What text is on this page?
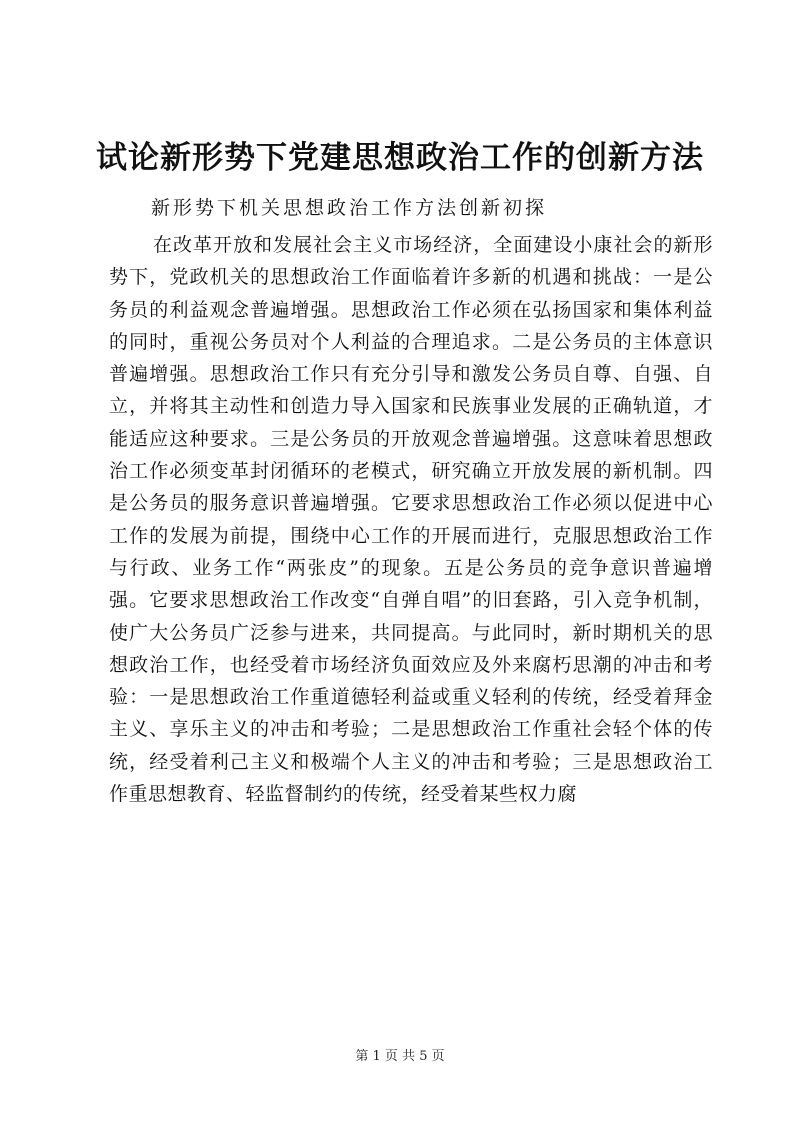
试论新形势下党建思想政治工作的创新方法

新形势下机关思想政治工作方法创新初探

在改革开放和发展社会主义市场经济，全面建设小康社会的新形势下，党政机关的思想政治工作面临着许多新的机遇和挑战：一是公务员的利益观念普遍增强。思想政治工作必须在弘扬国家和集体利益的同时，重视公务员对个人利益的合理追求。二是公务员的主体意识普遍增强。思想政治工作只有充分引导和激发公务员自尊、自强、自立，并将其主动性和创造力导入国家和民族事业发展的正确轨道，才能适应这种要求。三是公务员的开放观念普遍增强。这意味着思想政治工作必须变革封闭循环的老模式，研究确立开放发展的新机制。四是公务员的服务意识普遍增强。它要求思想政治工作必须以促进中心工作的发展为前提，围绕中心工作的开展而进行，克服思想政治工作与行政、业务工作“两张皮”的现象。五是公务员的竞争意识普遍增强。它要求思想政治工作改变“自弹自唱”的旧套路，引入竞争机制，使广大公务员广泛参与进来，共同提高。与此同时，新时期机关的思想政治工作，也经受着市场经济负面效应及外来腐朽思潮的冲击和考验：一是思想政治工作重道德轻利益或重义轻利的传统，经受着拜金主义、享乐主义的冲击和考验；二是思想政治工作重社会轻个体的传统，经受着利己主义和极端个人主义的冲击和考验；三是思想政治工作重思想教育、轻监督制约的传统，经受着某些权力腐

第 1 页 共 5 页
